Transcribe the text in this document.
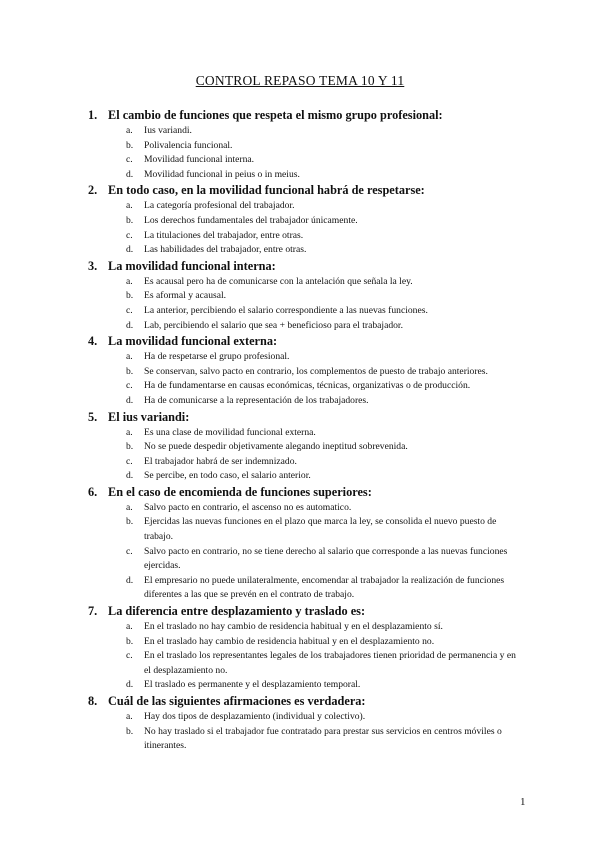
CONTROL REPASO TEMA 10 Y 11
1. El cambio de funciones que respeta el mismo grupo profesional:
a. Ius variandi.
b. Polivalencia funcional.
c. Movilidad funcional interna.
d. Movilidad funcional in peius o in meius.
2. En todo caso, en la movilidad funcional habrá de respetarse:
a. La categoría profesional del trabajador.
b. Los derechos fundamentales del trabajador únicamente.
c. La titulaciones del trabajador, entre otras.
d. Las habilidades del trabajador, entre otras.
3. La movilidad funcional interna:
a. Es acausal pero ha de comunicarse con la antelación que señala la ley.
b. Es aformal y acausal.
c. La anterior, percibiendo el salario correspondiente a las nuevas funciones.
d. Lab, percibiendo el salario que sea + beneficioso para el trabajador.
4. La movilidad funcional externa:
a. Ha de respetarse el grupo profesional.
b. Se conservan, salvo pacto en contrario, los complementos de puesto de trabajo anteriores.
c. Ha de fundamentarse en causas económicas, técnicas, organizativas o de producción.
d. Ha de comunicarse a la representación de los trabajadores.
5. El ius variandi:
a. Es una clase de movilidad funcional externa.
b. No se puede despedir objetivamente alegando ineptitud sobrevenida.
c. El trabajador habrá de ser indemnizado.
d. Se percibe, en todo caso, el salario anterior.
6. En el caso de encomienda de funciones superiores:
a. Salvo pacto en contrario, el ascenso no es automatico.
b. Ejercidas las nuevas funciones en el plazo que marca la ley, se consolida el nuevo puesto de trabajo.
c. Salvo pacto en contrario, no se tiene derecho al salario que corresponde a las nuevas funciones ejercidas.
d. El empresario no puede unilateralmente, encomendar al trabajador la realización de funciones diferentes a las que se prevén en el contrato de trabajo.
7. La diferencia entre desplazamiento y traslado es:
a. En el traslado no hay cambio de residencia habitual y en el desplazamiento sí.
b. En el traslado hay cambio de residencia habitual y en el desplazamiento no.
c. En el traslado los representantes legales de los trabajadores tienen prioridad de permanencia y en el desplazamiento no.
d. El traslado es permanente y el desplazamiento temporal.
8. Cuál de las siguientes afirmaciones es verdadera:
a. Hay dos tipos de desplazamiento (individual y colectivo).
b. No hay traslado si el trabajador fue contratado para prestar sus servicios en centros móviles o itinerantes.
1
